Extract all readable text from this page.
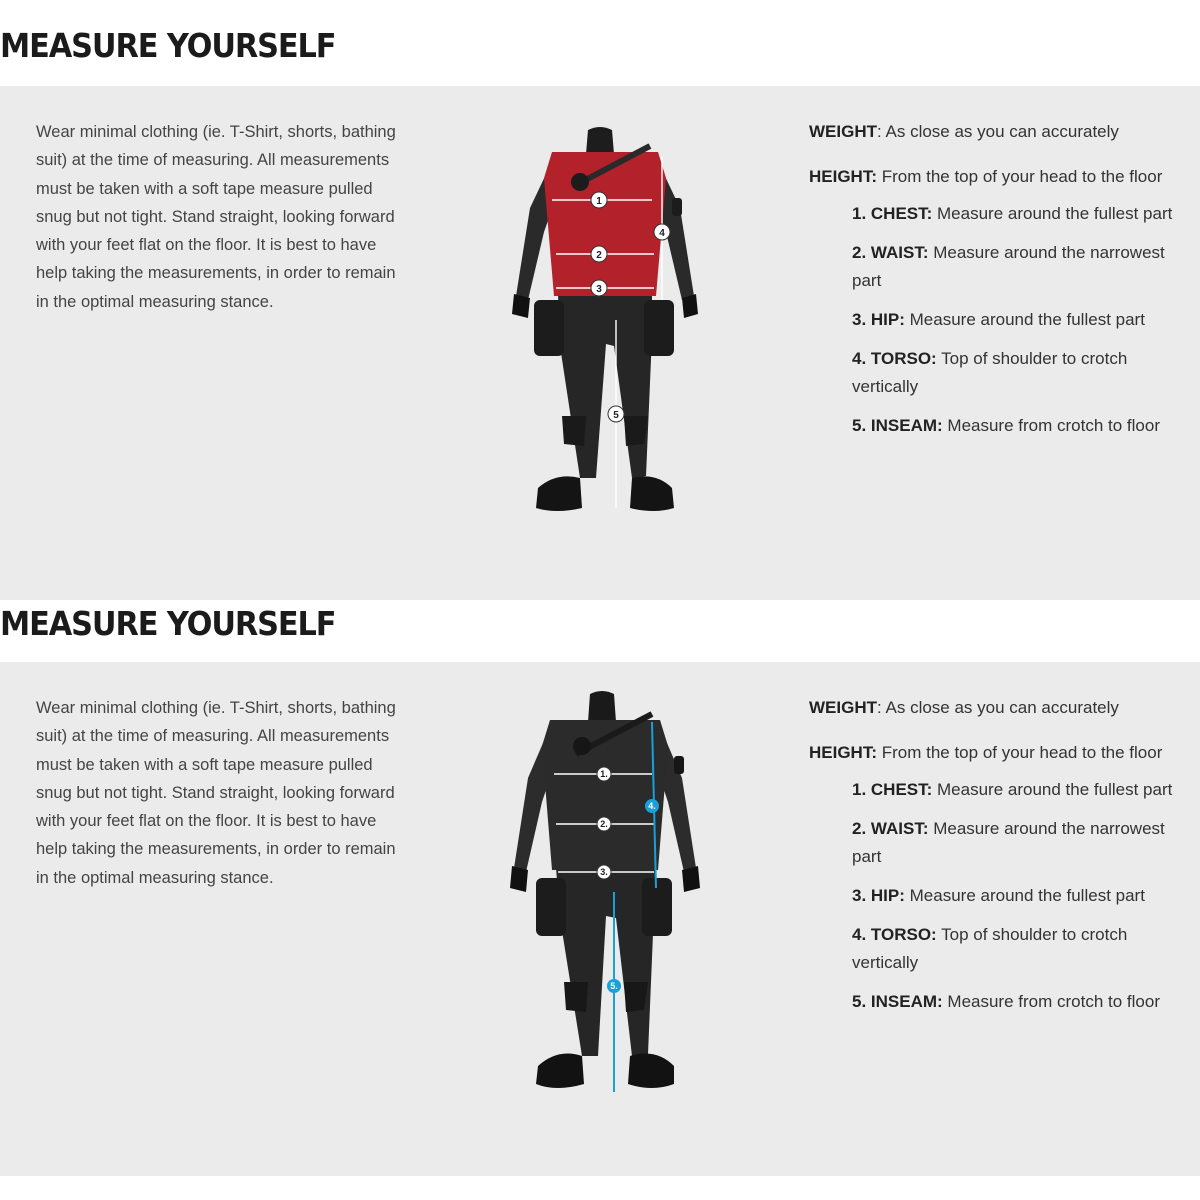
MEASURE YOURSELF

Wear minimal clothing (ie. T-Shirt, shorts, bathing suit) at the time of measuring. All measurements must be taken with a soft tape measure pulled snug but not tight. Stand straight, looking forward with your feet flat on the floor. It is best to have help taking the measurements, in order to remain in the optimal measuring stance.

1
2
3
4
5

WEIGHT: As close as you can accurately

HEIGHT: From the top of your head to the floor

1. CHEST: Measure around the fullest part

2. WAIST: Measure around the narrowest part

3. HIP: Measure around the fullest part

4. TORSO: Top of shoulder to crotch vertically

5. INSEAM: Measure from crotch to floor

MEASURE YOURSELF

Wear minimal clothing (ie. T-Shirt, shorts, bathing suit) at the time of measuring. All measurements must be taken with a soft tape measure pulled snug but not tight. Stand straight, looking forward with your feet flat on the floor. It is best to have help taking the measurements, in order to remain in the optimal measuring stance.

1.
2.
3.
4.
5.

WEIGHT: As close as you can accurately

HEIGHT: From the top of your head to the floor

1. CHEST: Measure around the fullest part

2. WAIST: Measure around the narrowest part

3. HIP: Measure around the fullest part

4. TORSO: Top of shoulder to crotch vertically

5. INSEAM: Measure from crotch to floor
